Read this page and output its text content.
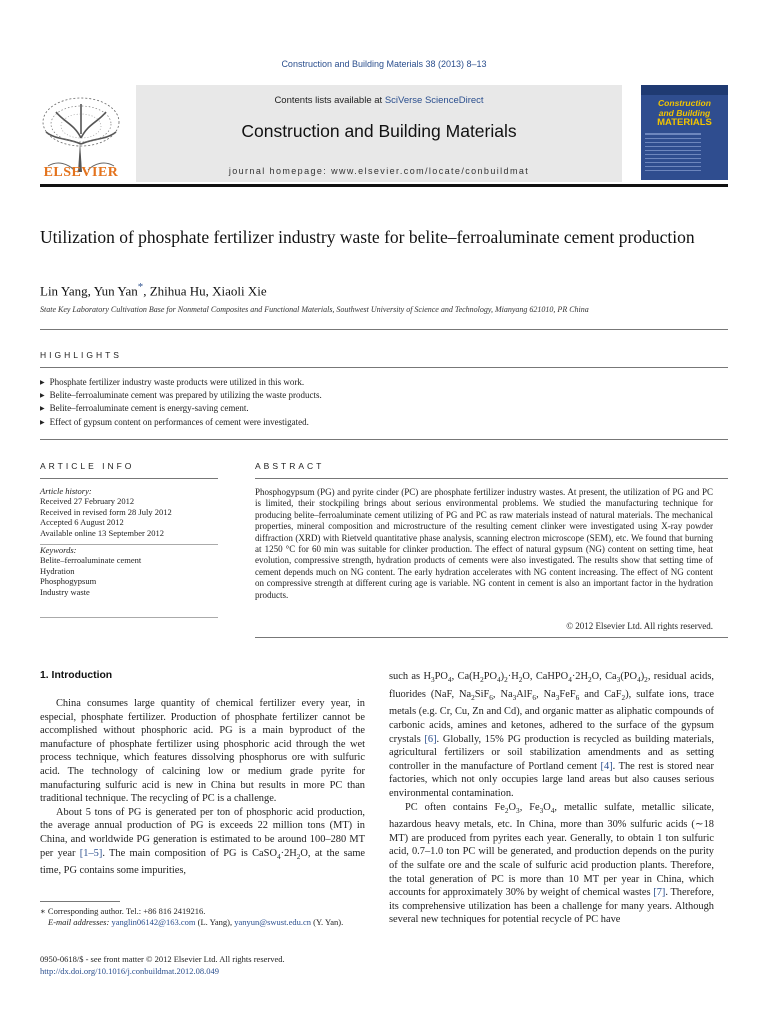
Construction and Building Materials 38 (2013) 8–13
ELSEVIER
Contents lists available at SciVerse ScienceDirect
Construction and Building Materials
journal homepage: www.elsevier.com/locate/conbuildmat
Construction
and Building
MATERIALS
Utilization of phosphate fertilizer industry waste for belite–ferroaluminate cement production
Lin Yang, Yun Yan*, Zhihua Hu, Xiaoli Xie
State Key Laboratory Cultivation Base for Nonmetal Composites and Functional Materials, Southwest University of Science and Technology, Mianyang 621010, PR China
HIGHLIGHTS
▶ Phosphate fertilizer industry waste products were utilized in this work.
▶ Belite–ferroaluminate cement was prepared by utilizing the waste products.
▶ Belite–ferroaluminate cement is energy-saving cement.
▶ Effect of gypsum content on performances of cement were investigated.
ARTICLE INFO	ABSTRACT
Article history:
Received 27 February 2012
Received in revised form 28 July 2012
Accepted 6 August 2012
Available online 13 September 2012
Keywords:
Belite–ferroaluminate cement
Hydration
Phosphogypsum
Industry waste
Phosphogypsum (PG) and pyrite cinder (PC) are phosphate fertilizer industry wastes. At present, the utilization of PG and PC is limited, their stockpiling brings about serious environmental problems. We studied the manufacturing technique for producing belite–ferroaluminate cement utilizing of PG and PC as raw materials instead of natural materials. The mechanical properties, mineral composition and microstructure of the resulting cement clinker were investigated using X-ray powder diffraction (XRD) with Rietveld quantitative phase analysis, scanning electron microscope (SEM), etc. We found that burning at 1250 °C for 60 min was suitable for clinker production. The effect of natural gypsum (NG) content on setting time, heat evolution, compressive strength, hydration products of cements were also investigated. The results show that setting time of cement depends much on NG content. The early hydration accelerates with NG content increasing. The effect of NG content on compressive strength at different curing age is variable. NG content in cement is also an important factor in the hydration products.
© 2012 Elsevier Ltd. All rights reserved.
1. Introduction

China consumes large quantity of chemical fertilizer every year, in especial, phosphate fertilizer. Production of phosphate fertilizer cannot be accomplished without phosphoric acid. PG is a main byproduct of the manufacture of phosphate fertilizer using phosphoric acid through the wet process technique, which features dissolving phosphorus ore with sulfuric acid. The technology of calcining low or medium grade pyrite for manufacturing sulfuric acid is new in China but results in more PC than traditional technique. The recycling of PC is a challenge.

About 5 tons of PG is generated per ton of phosphoric acid production, the average annual production of PG is exceeds 22 million tons (MT) in China, and worldwide PG generation is estimated to be around 100–280 MT per year [1–5]. The main composition of PG is $CaSO_4\cdot 2H_2O$, at the same time, PG contains some impurities,

such as $H_3PO_4$, $Ca(H_2PO_4)_2\cdot H_2O$, $CaHPO_4\cdot 2H_2O$, $Ca_3(PO_4)_2$, residual acids, fluorides (NaF, $Na_2SiF_6$, $Na_3AlF_6$, $Na_3FeF_6$ and CaF$_2$), sulfate ions, trace metals (e.g. Cr, Cu, Zn and Cd), and organic matter as aliphatic compounds of carbonic acids, amines and ketones, adhered to the surface of the gypsum crystals [6]. Globally, 15% PG production is recycled as building materials, agricultural fertilizers or soil stabilization amendments and as setting controller in the manufacture of Portland cement [4]. The rest is stored near factories, which not only occupies large land areas but also causes serious environmental contamination.

PC often contains $Fe_2O_3$, $Fe_3O_4$, metallic sulfate, metallic silicate, hazardous heavy metals, etc. In China, more than 30% sulfuric acids (∼18 MT) are produced from pyrites each year. Generally, to obtain 1 ton sulfuric acid, 0.7–1.0 ton PC will be generated, and production depends on the purity of the sulfate ore and the scale of sulfuric acid production plants. Therefore, the total generation of PC is more than 10 MT per year in China, which accounts for approximately 30% by weight of chemical wastes [7]. Therefore, its comprehensive utilization has been a challenge for many years. Although several new techniques for potential recycle of PC have

∗ Corresponding author. Tel.: +86 816 2419216.
E-mail addresses: yanglin06142@163.com (L. Yang), yanyun@swust.edu.cn (Y. Yan).
0950-0618/$ - see front matter © 2012 Elsevier Ltd. All rights reserved.
http://dx.doi.org/10.1016/j.conbuildmat.2012.08.049
